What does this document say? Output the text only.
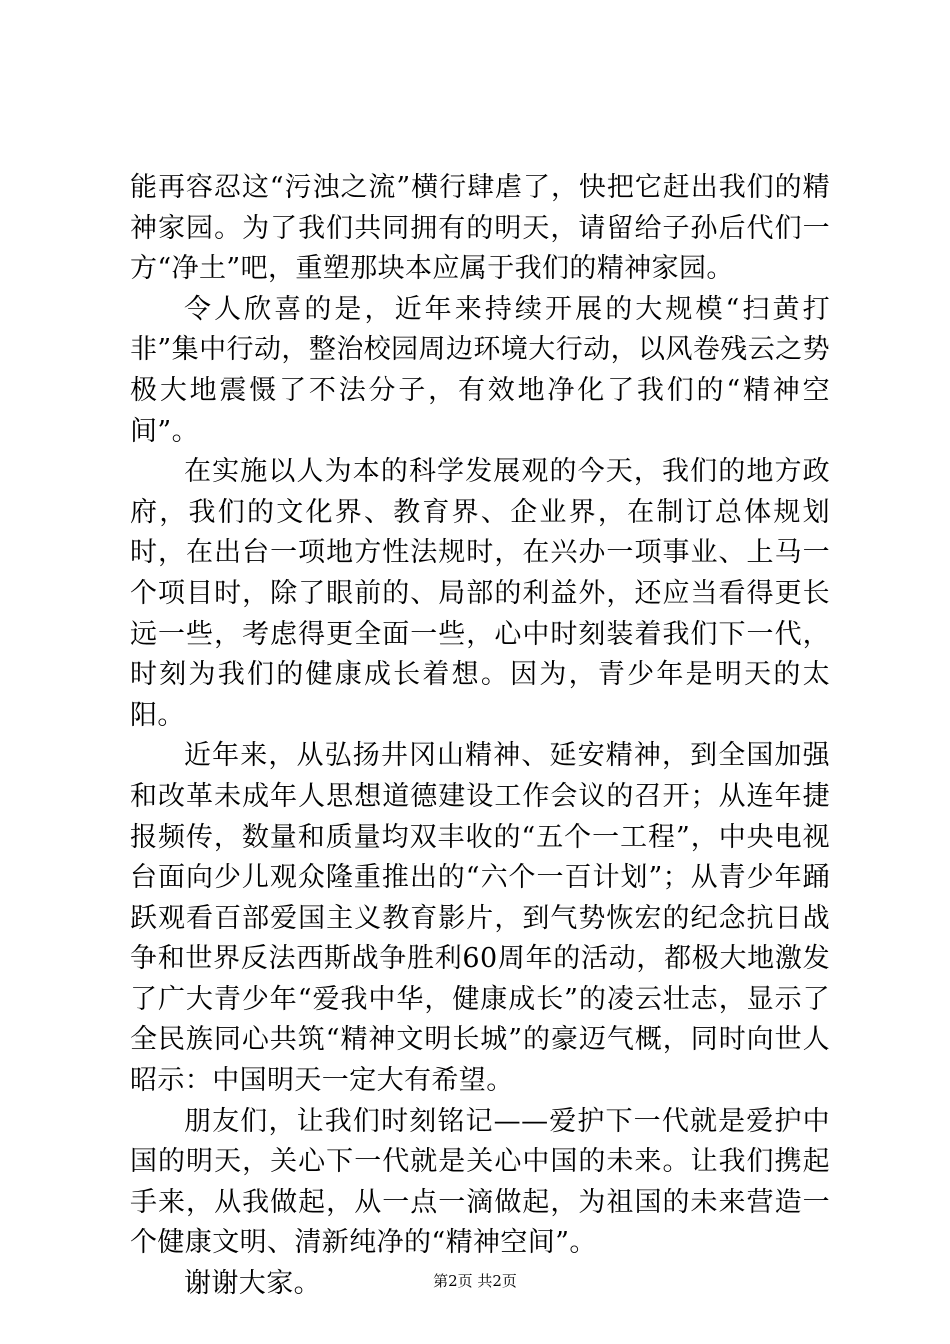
能再容忍这“污浊之流”横行肆虐了，快把它赶出我们的精神家园。为了我们共同拥有的明天，请留给子孙后代们一方“净土”吧，重塑那块本应属于我们的精神家园。

令人欣喜的是，近年来持续开展的大规模“扫黄打非”集中行动，整治校园周边环境大行动，以风卷残云之势极大地震慑了不法分子，有效地净化了我们的“精神空间”。

在实施以人为本的科学发展观的今天，我们的地方政府，我们的文化界、教育界、企业界，在制订总体规划时，在出台一项地方性法规时，在兴办一项事业、上马一个项目时，除了眼前的、局部的利益外，还应当看得更长远一些，考虑得更全面一些，心中时刻装着我们下一代，时刻为我们的健康成长着想。因为，青少年是明天的太阳。

近年来，从弘扬井冈山精神、延安精神，到全国加强和改革未成年人思想道德建设工作会议的召开；从连年捷报频传，数量和质量均双丰收的“五个一工程”，中央电视台面向少儿观众隆重推出的“六个一百计划”；从青少年踊跃观看百部爱国主义教育影片，到气势恢宏的纪念抗日战争和世界反法西斯战争胜利60周年的活动，都极大地激发了广大青少年“爱我中华，健康成长”的凌云壮志，显示了全民族同心共筑“精神文明长城”的豪迈气概，同时向世人昭示：中国明天一定大有希望。

朋友们，让我们时刻铭记——爱护下一代就是爱护中国的明天，关心下一代就是关心中国的未来。让我们携起手来，从我做起，从一点一滴做起，为祖国的未来营造一个健康文明、清新纯净的“精神空间”。

谢谢大家。	第2页 共2页
